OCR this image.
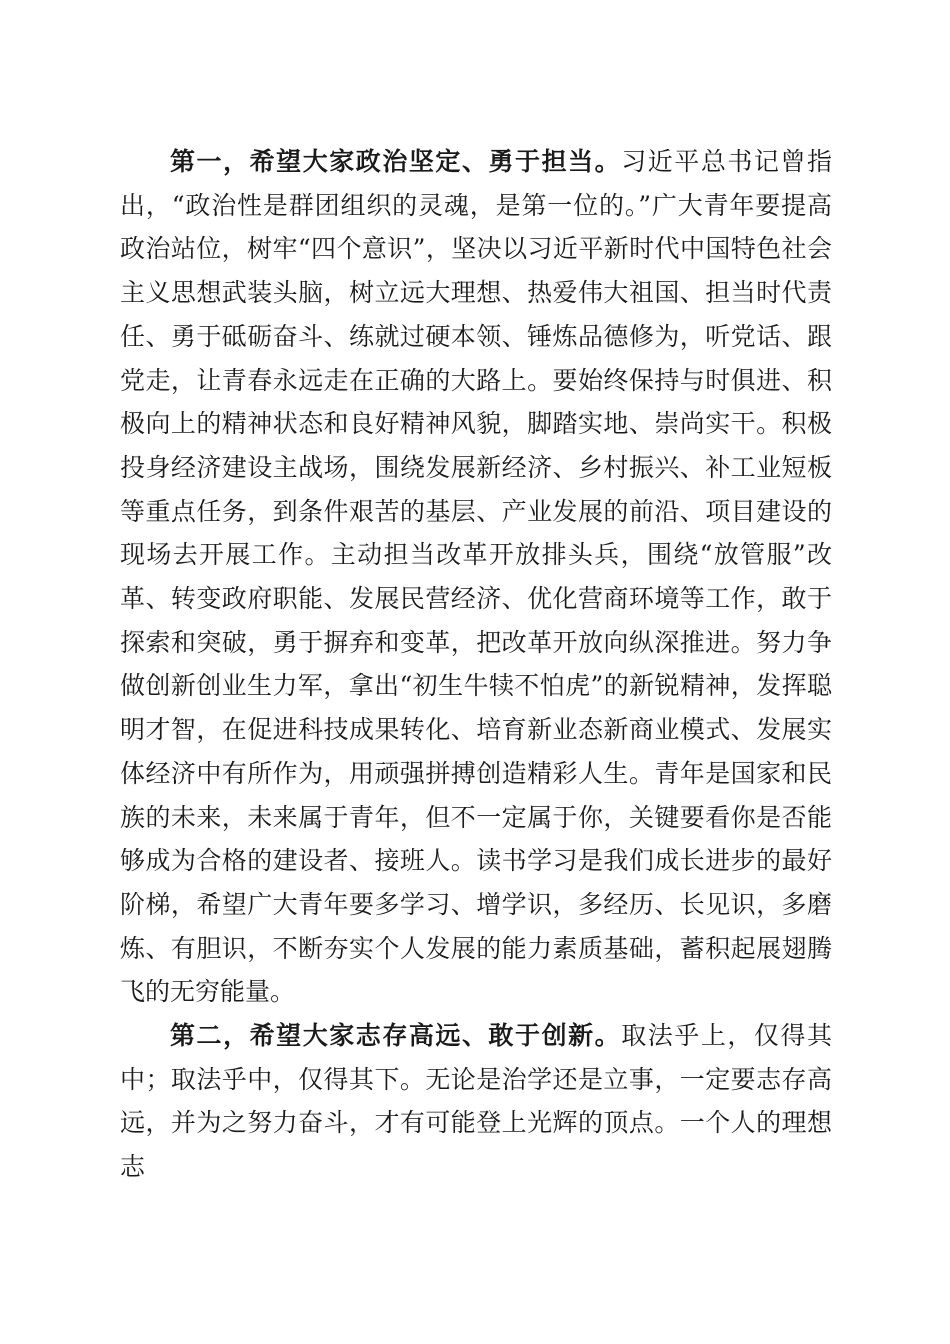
第一，希望大家政治坚定、勇于担当。习近平总书记曾指出，“政治性是群团组织的灵魂，是第一位的。”广大青年要提高政治站位，树牢“四个意识”，坚决以习近平新时代中国特色社会主义思想武装头脑，树立远大理想、热爱伟大祖国、担当时代责任、勇于砥砺奋斗、练就过硬本领、锤炼品德修为，听党话、跟党走，让青春永远走在正确的大路上。要始终保持与时俱进、积极向上的精神状态和良好精神风貌，脚踏实地、崇尚实干。积极投身经济建设主战场，围绕发展新经济、乡村振兴、补工业短板等重点任务，到条件艰苦的基层、产业发展的前沿、项目建设的现场去开展工作。主动担当改革开放排头兵，围绕“放管服”改革、转变政府职能、发展民营经济、优化营商环境等工作，敢于探索和突破，勇于摒弃和变革，把改革开放向纵深推进。努力争做创新创业生力军，拿出“初生牛犊不怕虎”的新锐精神，发挥聪明才智，在促进科技成果转化、培育新业态新商业模式、发展实体经济中有所作为，用顽强拼搏创造精彩人生。青年是国家和民族的未来，未来属于青年，但不一定属于你，关键要看你是否能够成为合格的建设者、接班人。读书学习是我们成长进步的最好阶梯，希望广大青年要多学习、增学识，多经历、长见识，多磨炼、有胆识，不断夯实个人发展的能力素质基础，蓄积起展翅腾飞的无穷能量。

第二，希望大家志存高远、敢于创新。取法乎上，仅得其中；取法乎中，仅得其下。无论是治学还是立事，一定要志存高远，并为之努力奋斗，才有可能登上光辉的顶点。一个人的理想志
